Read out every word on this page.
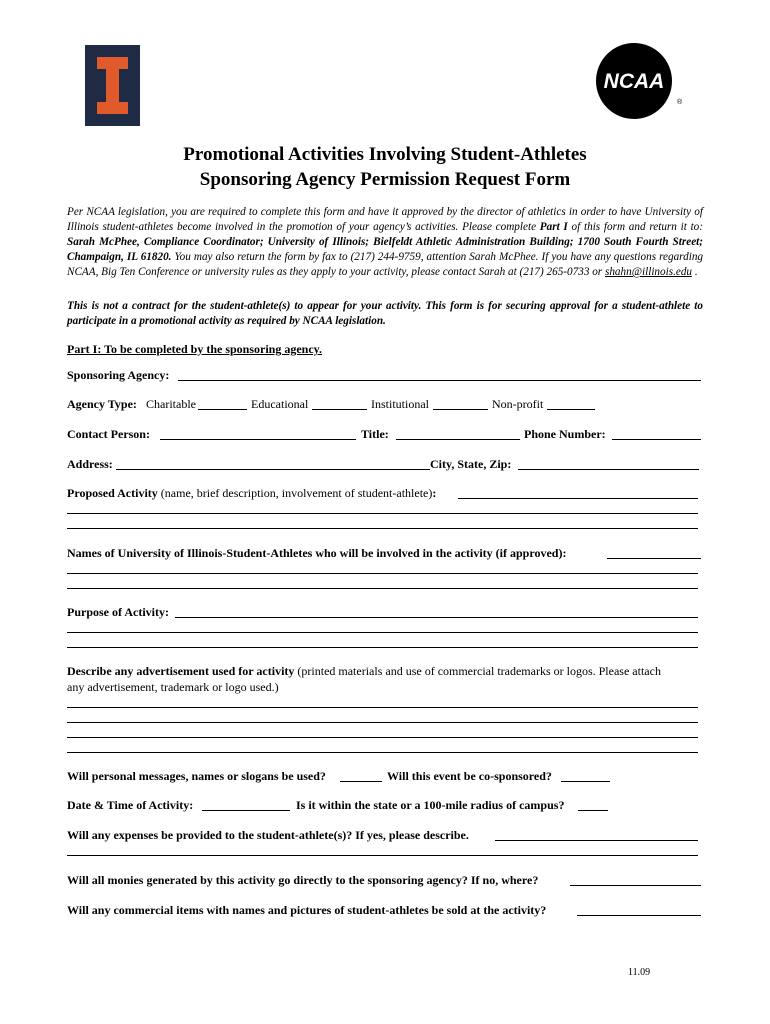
NCAA
®
Promotional Activities Involving Student-Athletes
Sponsoring Agency Permission Request Form
Per NCAA legislation, you are required to complete this form and have it approved by the director of athletics in order to have University of Illinois student-athletes become involved in the promotion of your agency’s activities. Please complete Part I of this form and return it to: Sarah McPhee, Compliance Coordinator; University of Illinois; Bielfeldt Athletic Administration Building; 1700 South Fourth Street; Champaign, IL 61820. You may also return the form by fax to (217) 244-9759, attention Sarah McPhee. If you have any questions regarding NCAA, Big Ten Conference or university rules as they apply to your activity, please contact Sarah at (217) 265-0733 or shahn@illinois.edu .
This is not a contract for the student-athlete(s) to appear for your activity. This form is for securing approval for a student-athlete to participate in a promotional activity as required by NCAA legislation.
Part I: To be completed by the sponsoring agency.
Sponsoring Agency:
Agency Type: Charitable	Educational	Institutional	Non-profit
Contact Person:	Title:	Phone Number:
Address:	City, State, Zip:
Proposed Activity (name, brief description, involvement of student-athlete):
Names of University of Illinois-Student-Athletes who will be involved in the activity (if approved):
Purpose of Activity:
Describe any advertisement used for activity (printed materials and use of commercial trademarks or logos. Please attach
any advertisement, trademark or logo used.)
Will personal messages, names or slogans be used?	Will this event be co-sponsored?
Date & Time of Activity:	Is it within the state or a 100-mile radius of campus?
Will any expenses be provided to the student-athlete(s)? If yes, please describe.
Will all monies generated by this activity go directly to the sponsoring agency? If no, where?
Will any commercial items with names and pictures of student-athletes be sold at the activity?
11.09
